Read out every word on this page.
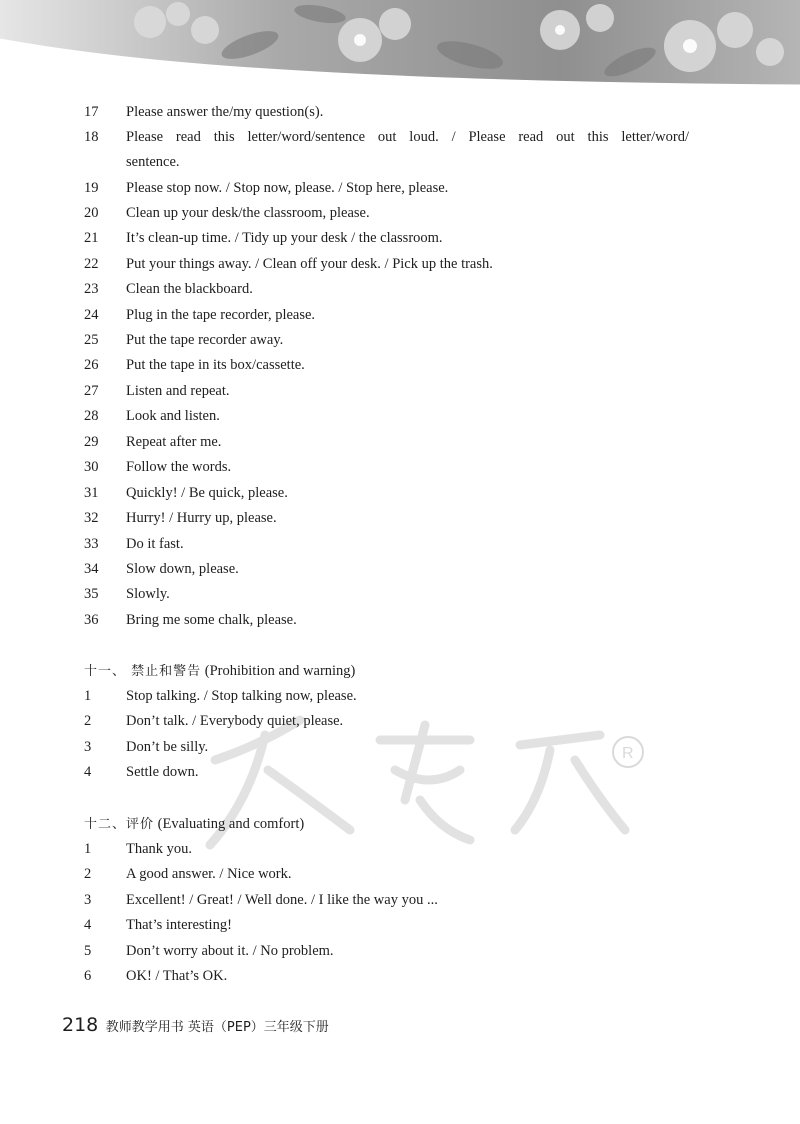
R
17	Please answer the/my question(s).
18	Please read this letter/word/sentence out loud. / Please read out this letter/word/
sentence.
19	Please stop now. / Stop now, please. / Stop here, please.
20	Clean up your desk/the classroom, please.
21	It’s clean-up time. / Tidy up your desk / the classroom.
22	Put your things away. / Clean off your desk. / Pick up the trash.
23	Clean the blackboard.
24	Plug in the tape recorder, please.
25	Put the tape recorder away.
26	Put the tape in its box/cassette.
27	Listen and repeat.
28	Look and listen.
29	Repeat after me.
30	Follow the words.
31	Quickly! / Be quick, please.
32	Hurry! / Hurry up, please.
33	Do it fast.
34	Slow down, please.
35	Slowly.
36	Bring me some chalk, please.
十一、 禁止和警告 (Prohibition and warning)
1	Stop talking. / Stop talking now, please.
2	Don’t talk. / Everybody quiet, please.
3	Don’t be silly.
4	Settle down.
十二、评价 (Evaluating and comfort)
1	Thank you.
2	A good answer. / Nice work.
3	Excellent! / Great! / Well done. / I like the way you ...
4	That’s interesting!
5	Don’t worry about it. / No problem.
6	OK! / That’s OK.
218 教师教学用书 英语（PEP）三年级下册
